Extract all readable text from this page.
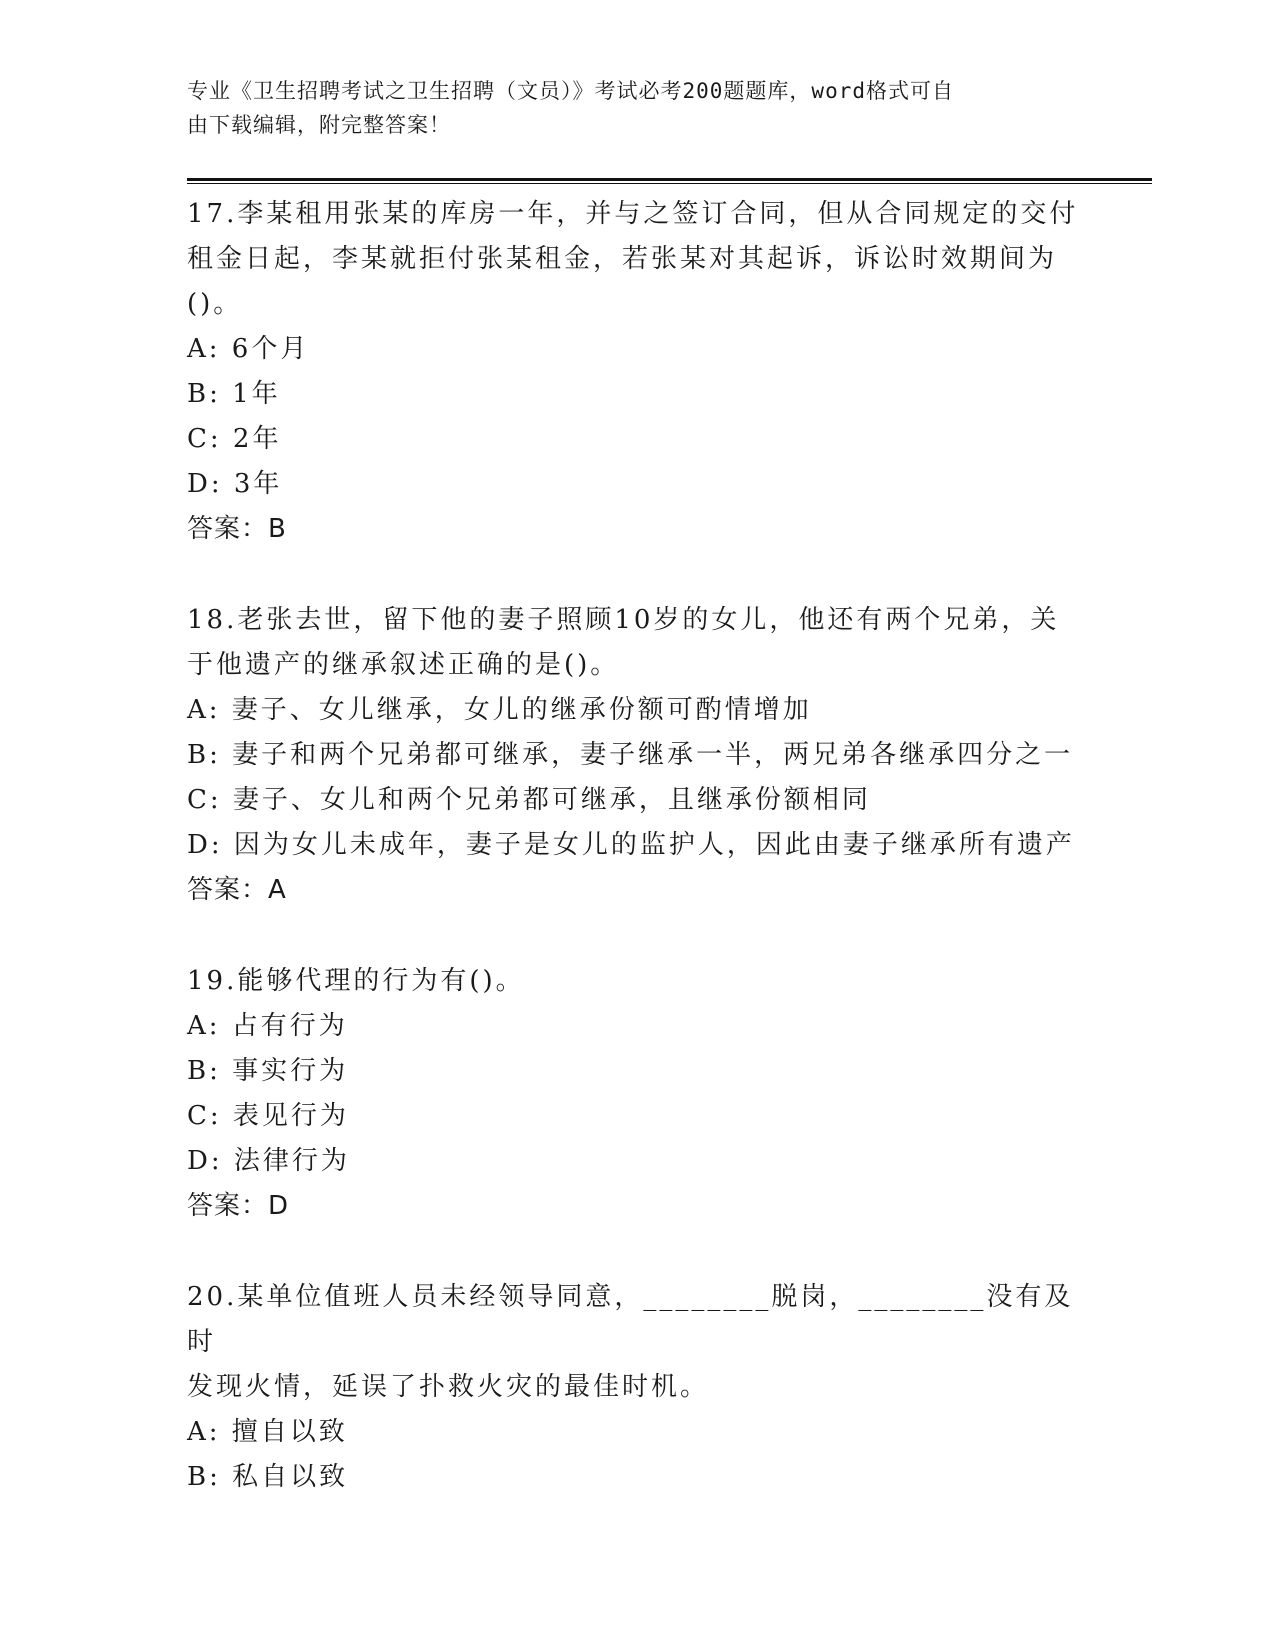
专业《卫生招聘考试之卫生招聘（文员）》考试必考200题题库，word格式可自
由下载编辑，附完整答案！
17.李某租用张某的库房一年，并与之签订合同，但从合同规定的交付
租金日起，李某就拒付张某租金，若张某对其起诉，诉讼时效期间为
()。
A: 6个月
B: 1年
C: 2年
D: 3年
答案：B
18.老张去世，留下他的妻子照顾10岁的女儿，他还有两个兄弟，关
于他遗产的继承叙述正确的是()。
A: 妻子、女儿继承，女儿的继承份额可酌情增加
B: 妻子和两个兄弟都可继承，妻子继承一半，两兄弟各继承四分之一
C: 妻子、女儿和两个兄弟都可继承，且继承份额相同
D: 因为女儿未成年，妻子是女儿的监护人，因此由妻子继承所有遗产
答案：A
19.能够代理的行为有()。
A: 占有行为
B: 事实行为
C: 表见行为
D: 法律行为
答案：D
20.某单位值班人员未经领导同意，________脱岗，________没有及时
发现火情，延误了扑救火灾的最佳时机。
A: 擅自以致
B: 私自以致
